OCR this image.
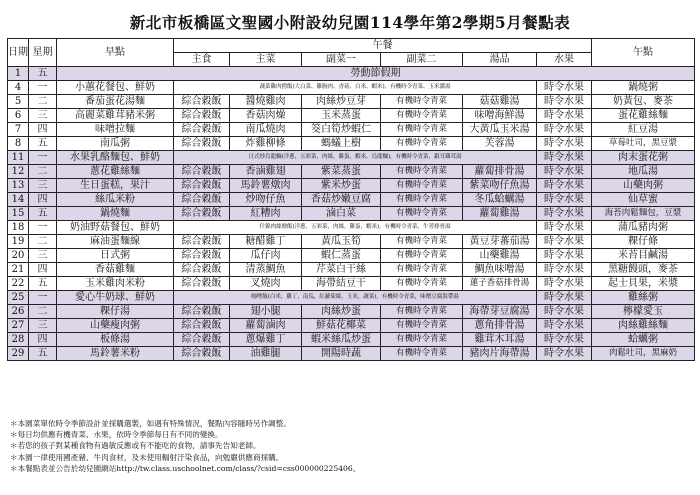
新北市板橋區文聖國小附設幼兒園114學年第2學期5月餐點表
日期	星期	早點	午餐						午點
			主食	主菜	副菜一	副菜二	湯品	水果	
1	五	勞動節假期							
4	一	小蕙花餐包、鮮奶	蔬菜雞肉撈飯(大白菜、雞胸肉、香菇、白米、蝦米)，有機時令青菜、玉米濃湯					時令水果	鍋燒粥
5	二	番茄蛋花湯麵	綜合穀飯	醬燒雞肉	肉絲炒豆芽	有機時令青菜	菇菇雞湯	時令水果	奶黃包、麥茶
6	三	高麗菜雞茸豬米粥	綜合穀飯	香菇肉燥	玉米蒸蛋	有機時令青菜	味噌海鮮湯	時令水果	蛋花雞絲麵
7	四	味噌拉麵	綜合穀飯	南瓜燒肉	筊白筍炒蝦仁	有機時令青菜	大黃瓜玉米湯	時令水果	紅豆湯
8	五	南瓜粥	綜合穀飯	炸雞柳條	螞蟻上樹	有機時令青菜	芙蓉湯	時令水果	草莓吐司，黑豆漿
11	一	水果乳酪麵包、鮮奶	日式炒烏龍麵(洋蔥，五彩菜，肉絲，雞蛋，蝦米，烏龍麵)，有機時令青菜，銀耳雞茸湯					時令水果	肉末蛋花粥
12	二	蔥花雞絲麵	綜合穀飯	香滷雞翅	紫菜蒸蛋	有機時令青菜	蘿蔔排骨湯	時令水果	地瓜湯
13	三	生日蛋糕，果汁	綜合穀飯	馬鈴薯燉肉	紫米炒蛋	有機時令青菜	紫菜吻仔魚湯	時令水果	山藥肉粥
14	四	絲瓜米粉	綜合穀飯	炒吻仔魚	香菇炒嫩豆腐	有機時令青菜	冬瓜蛤蠣湯	時令水果	仙草蜜
15	五	鍋燒麵	綜合穀飯	紅糟肉	滷白菜	有機時令青菜	蘿蔔雞湯	時令水果	海苔肉鬆麵包，豆漿
18	一	奶油野菇餐包、鮮奶	什錦肉絲燴飯(洋蔥，五彩菜，肉絲，雞蛋，蝦米)，有機時令青菜，牛蒡排骨湯					時令水果	蒲瓜豬肉粥
19	二	麻油蛋麵線	綜合穀飯	糖醋雞丁	黃瓜玉筍	有機時令青菜	黃豆芽蕃茄湯	時令水果	粿仔條
20	三	日式粥	綜合穀飯	瓜仔肉	蝦仁蒸蛋	有機時令青菜	山藥雞湯	時令水果	米苔目鹹湯
21	四	香菇雞麵	綜合穀飯	清蒸鯛魚	芹菜白干絲	有機時令青菜	鯛魚味噌湯	時令水果	黑糖饅頭，麥茶
22	五	玉米雞肉米粉	綜合穀飯	叉燒肉	海帶結豆干	有機時令青菜	蓮子香菇排骨湯	時令水果	起士貝果，米漿
25	一	愛心牛奶球、鮮奶	咖哩飯(白米，雞丁，南瓜，紅蘿蔔絲，玉米，蔬菜)，有機時令青菜，味噌豆腐海帶湯					時令水果	雞絲粥
26	二	粿仔湯	綜合穀飯	翅小腿	肉絲炒蛋	有機時令青菜	海帶芽豆腐湯	時令水果	檸檬愛玉
27	三	山藥瘦肉粥	綜合穀飯	蘿蔔滷肉	鮮菇花椰菜	有機時令青菜	蔥角排骨湯	時令水果	肉絲雞絲麵
28	四	板條湯	綜合穀飯	蔥爆雞丁	蝦米絲瓜炒蛋	有機時令青菜	雞茸木耳湯	時令水果	蛤蠣粥
29	五	馬鈴薯米粉	綜合穀飯	油雞腿	開陽時蔬	有機時令青菜	豬肉片海帶湯	時令水果	肉鬆吐司，黑麻奶
＊本園菜單依時令季節設計並採購選製，如遇有特殊情況，餐點內容隨時另作調整。
＊每日均供應有機青菜、水果，依時令季節每日有不同的變換。
＊若您的孩子對某種食物有過敏反應或有不能吃的食物，請事先告知老師。
＊本園一律使用國產豬、牛肉食材，及未使用輻射汙染食品，向勉嚴供應商採購。
＊本餐點表並公告於幼兒園網站http://tw.class.uschoolnet.com/class/?csid=css000000225406。
